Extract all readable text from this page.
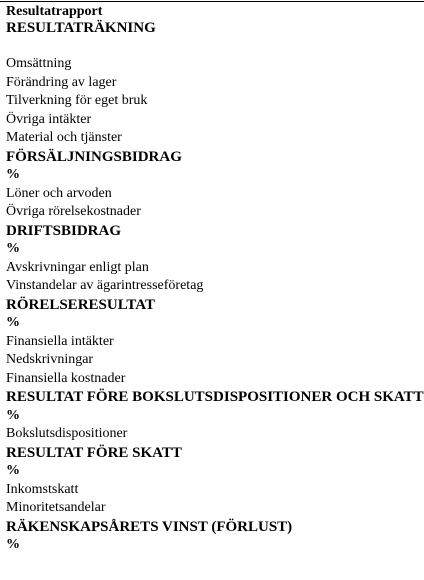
Resultatrapport
RESULTATRÄKNING
Omsättning
Förändring av lager
Tilverkning för eget bruk
Övriga intäkter
Material och tjänster
FÖRSÄLJNINGSBIDRAG
%
Löner och arvoden
Övriga rörelsekostnader
DRIFTSBIDRAG
%
Avskrivningar enligt plan
Vinstandelar av ägarintresseföretag
RÖRELSERESULTAT
%
Finansiella intäkter
Nedskrivningar
Finansiella kostnader
RESULTAT FÖRE BOKSLUTSDISPOSITIONER OCH SKATT
%
Bokslutsdispositioner
RESULTAT FÖRE SKATT
%
Inkomstskatt
Minoritetsandelar
RÄKENSKAPSÅRETS VINST (FÖRLUST)
%
